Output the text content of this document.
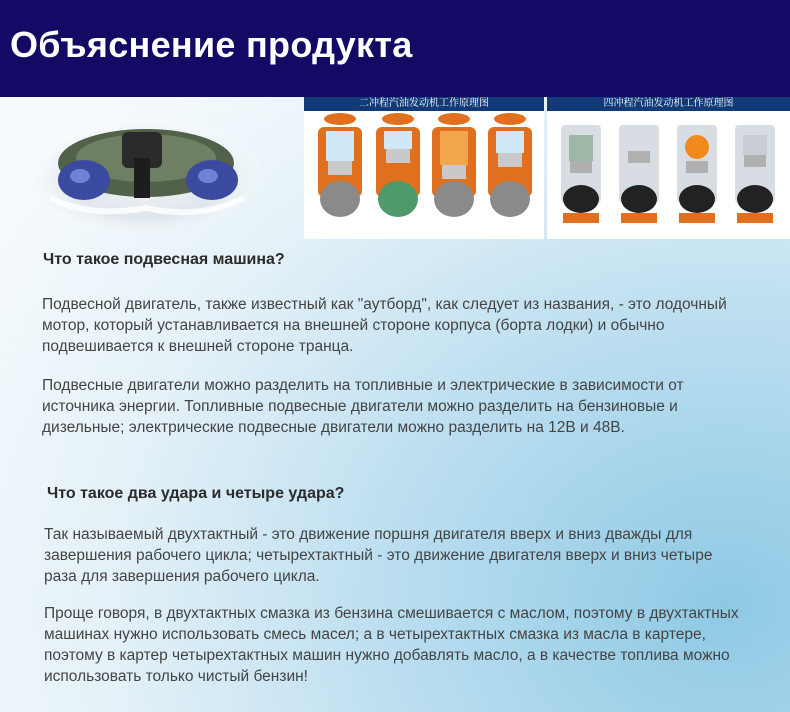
Объяснение продукта
二冲程汽油发动机工作原理图	四冲程汽油发动机工作原理图
Что такое подвесная машина?
Подвесной двигатель, также известный как "аутборд", как следует из названия, - это лодочный мотор, который устанавливается на внешней стороне корпуса (борта лодки) и обычно подвешивается к внешней стороне транца.
Подвесные двигатели можно разделить на топливные и электрические в зависимости от источника энергии. Топливные подвесные двигатели можно разделить на бензиновые и дизельные; электрические подвесные двигатели можно разделить на 12В и 48В.
Что такое два удара и четыре удара?
Так называемый двухтактный - это движение поршня двигателя вверх и вниз дважды для завершения рабочего цикла; четырехтактный - это движение двигателя вверх и вниз четыре раза для завершения рабочего цикла.
Проще говоря, в двухтактных смазка из бензина смешивается с маслом, поэтому в двухтактных машинах нужно использовать смесь масел; а в четырехтактных смазка из масла в картере, поэтому в картер четырехтактных машин нужно добавлять масло, а в качестве топлива можно использовать только чистый бензин!
